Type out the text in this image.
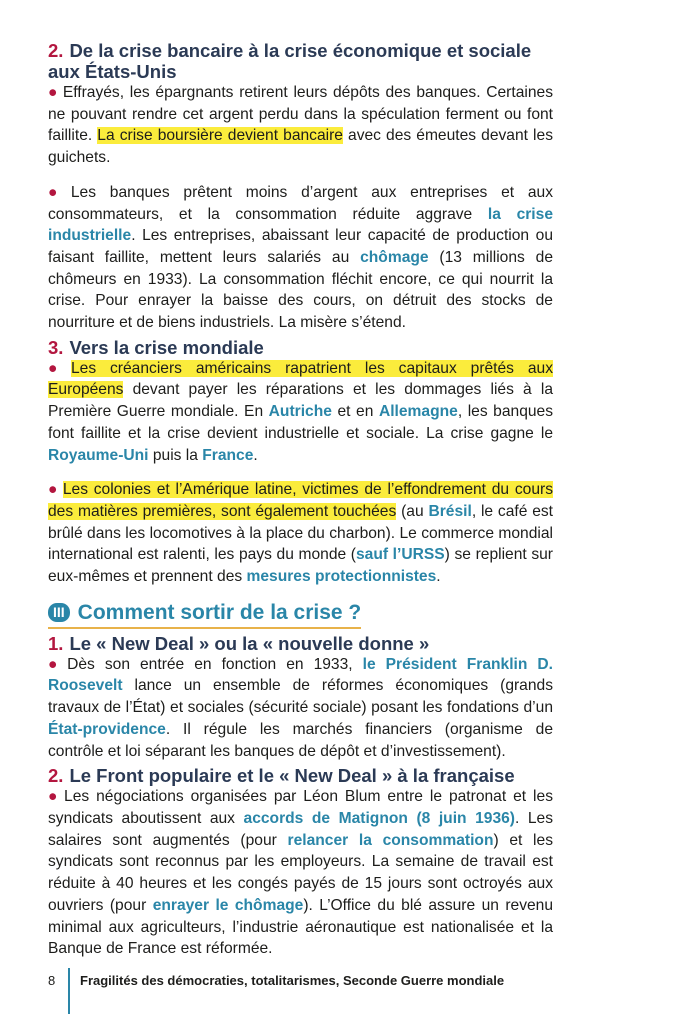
2. De la crise bancaire à la crise économique et sociale aux États-Unis

● Effrayés, les épargnants retirent leurs dépôts des banques. Certaines ne pouvant rendre cet argent perdu dans la spéculation ferment ou font faillite. La crise boursière devient bancaire avec des émeutes devant les guichets.

● Les banques prêtent moins d’argent aux entreprises et aux consommateurs, et la consommation réduite aggrave la crise industrielle. Les entreprises, abaissant leur capacité de production ou faisant faillite, mettent leurs salariés au chômage (13 millions de chômeurs en 1933). La consommation fléchit encore, ce qui nourrit la crise. Pour enrayer la baisse des cours, on détruit des stocks de nourriture et de biens industriels. La misère s’étend.

3. Vers la crise mondiale

● Les créanciers américains rapatrient les capitaux prêtés aux Européens devant payer les réparations et les dommages liés à la Première Guerre mondiale. En Autriche et en Allemagne, les banques font faillite et la crise devient industrielle et sociale. La crise gagne le Royaume-Uni puis la France.

● Les colonies et l’Amérique latine, victimes de l’effondrement du cours des matières premières, sont également touchées (au Brésil, le café est brûlé dans les locomotives à la place du charbon). Le commerce mondial international est ralenti, les pays du monde (sauf l’URSS) se replient sur eux-mêmes et prennent des mesures protectionnistes.

III Comment sortir de la crise ?
1. Le « New Deal » ou la « nouvelle donne »

● Dès son entrée en fonction en 1933, le Président Franklin D. Roosevelt lance un ensemble de réformes économiques (grands travaux de l’État) et sociales (sécurité sociale) posant les fondations d’un État-providence. Il régule les marchés financiers (organisme de contrôle et loi séparant les banques de dépôt et d’investissement).

2. Le Front populaire et le « New Deal » à la française

● Les négociations organisées par Léon Blum entre le patronat et les syndicats aboutissent aux accords de Matignon (8 juin 1936). Les salaires sont augmentés (pour relancer la consommation) et les syndicats sont reconnus par les employeurs. La semaine de travail est réduite à 40 heures et les congés payés de 15 jours sont octroyés aux ouvriers (pour enrayer le chômage). L’Office du blé assure un revenu minimal aux agriculteurs, l’industrie aéronautique est nationalisée et la Banque de France est réformée.

8	Fragilités des démocraties, totalitarismes, Seconde Guerre mondiale
